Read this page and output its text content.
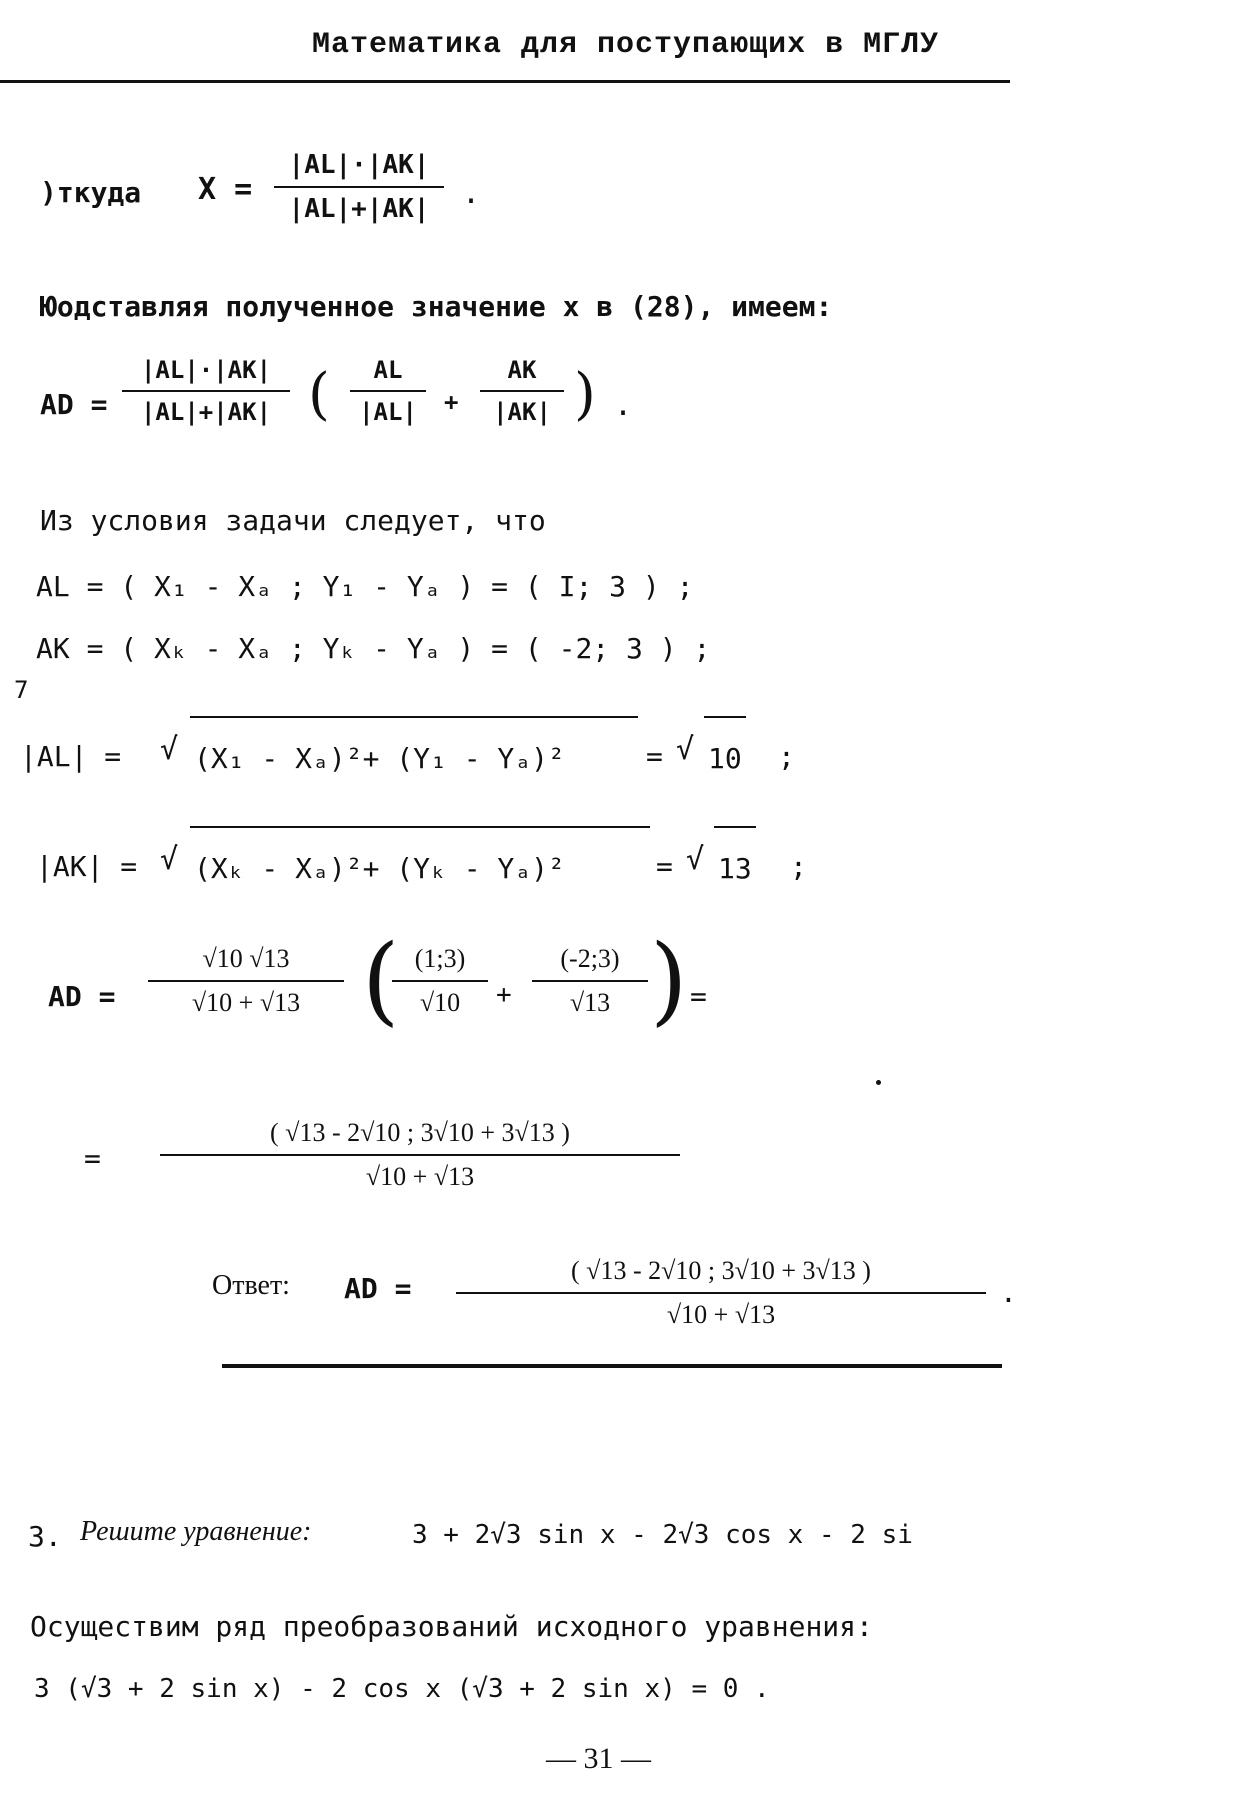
Математика для поступающих в МГЛУ
)ткуда X =
|AL|·|AK|
|AL|+|AK| .
Юодставляя полученное значение x в (28), имеем:
AD =
|AL|·|AK|
|AL|+|AK| ( AL
|AL| +
AK
|AK| ) .
Из условия задачи следует, что
AL = ( X₁ - Xₐ ; Y₁ - Yₐ ) = ( I; 3 ) ;
AK = ( Xₖ - Xₐ ; Yₖ - Yₐ ) = ( -2; 3 ) ;
7
|AL| = √ (X₁ - Xₐ)²+ (Y₁ - Yₐ)²	= √ 10 ;
|AK| = √ (Xₖ - Xₐ)²+ (Yₖ - Yₐ)²	= √ 13 ;
AD =
√10 √13
√10 + √13 ( (1;3)
√10 +
(-2;3)
√13 ) =
=
( √13 - 2√10 ; 3√10 + 3√13 )
√10 + √13
Ответ: AD =
( √13 - 2√10 ; 3√10 + 3√13 )
√10 + √13
.
3. Решите уравнение:	3 + 2√3 sin x - 2√3 cos x - 2 si
Осуществим ряд преобразований исходного уравнения:
3 (√3 + 2 sin x) - 2 cos x (√3 + 2 sin x) = 0 .
— 31 —
